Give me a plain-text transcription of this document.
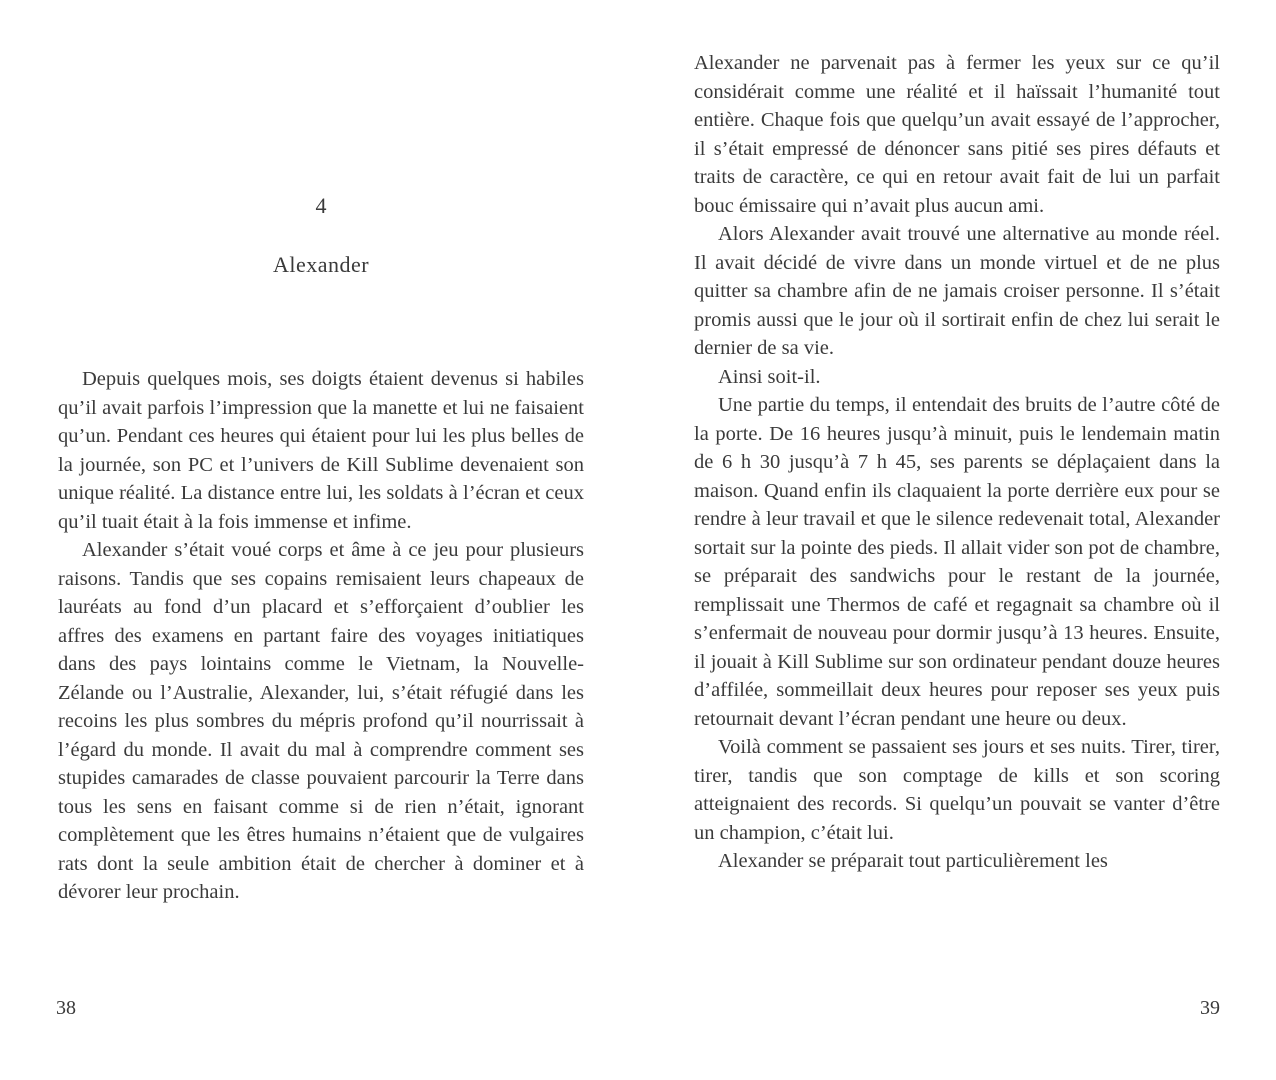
4
Alexander

Depuis quelques mois, ses doigts étaient devenus si habiles qu’il avait parfois l’impression que la manette et lui ne faisaient qu’un. Pendant ces heures qui étaient pour lui les plus belles de la journée, son PC et l’univers de Kill Sublime devenaient son unique réalité. La distance entre lui, les soldats à l’écran et ceux qu’il tuait était à la fois immense et infime.

Alexander s’était voué corps et âme à ce jeu pour plusieurs raisons. Tandis que ses copains remisaient leurs chapeaux de lauréats au fond d’un placard et s’efforçaient d’oublier les affres des examens en partant faire des voyages initiatiques dans des pays lointains comme le Vietnam, la Nouvelle-Zélande ou l’Australie, Alexander, lui, s’était réfugié dans les recoins les plus sombres du mépris profond qu’il nourrissait à l’égard du monde. Il avait du mal à comprendre comment ses stupides camarades de classe pouvaient parcourir la Terre dans tous les sens en faisant comme si de rien n’était, ignorant complètement que les êtres humains n’étaient que de vulgaires rats dont la seule ambition était de chercher à dominer et à dévorer leur prochain.

38

Alexander ne parvenait pas à fermer les yeux sur ce qu’il considérait comme une réalité et il haïssait l’humanité tout entière. Chaque fois que quelqu’un avait essayé de l’approcher, il s’était empressé de dénoncer sans pitié ses pires défauts et traits de caractère, ce qui en retour avait fait de lui un parfait bouc émissaire qui n’avait plus aucun ami.

Alors Alexander avait trouvé une alternative au monde réel. Il avait décidé de vivre dans un monde virtuel et de ne plus quitter sa chambre afin de ne jamais croiser personne. Il s’était promis aussi que le jour où il sortirait enfin de chez lui serait le dernier de sa vie.

Ainsi soit-il.

Une partie du temps, il entendait des bruits de l’autre côté de la porte. De 16 heures jusqu’à minuit, puis le lendemain matin de 6 h 30 jusqu’à 7 h 45, ses parents se déplaçaient dans la maison. Quand enfin ils claquaient la porte derrière eux pour se rendre à leur travail et que le silence redevenait total, Alexander sortait sur la pointe des pieds. Il allait vider son pot de chambre, se préparait des sandwichs pour le restant de la journée, remplissait une Thermos de café et regagnait sa chambre où il s’enfermait de nouveau pour dormir jusqu’à 13 heures. Ensuite, il jouait à Kill Sublime sur son ordinateur pendant douze heures d’affilée, sommeillait deux heures pour reposer ses yeux puis retournait devant l’écran pendant une heure ou deux.

Voilà comment se passaient ses jours et ses nuits. Tirer, tirer, tirer, tandis que son comptage de kills et son scoring atteignaient des records. Si quelqu’un pouvait se vanter d’être un champion, c’était lui.

Alexander se préparait tout particulièrement les

39
